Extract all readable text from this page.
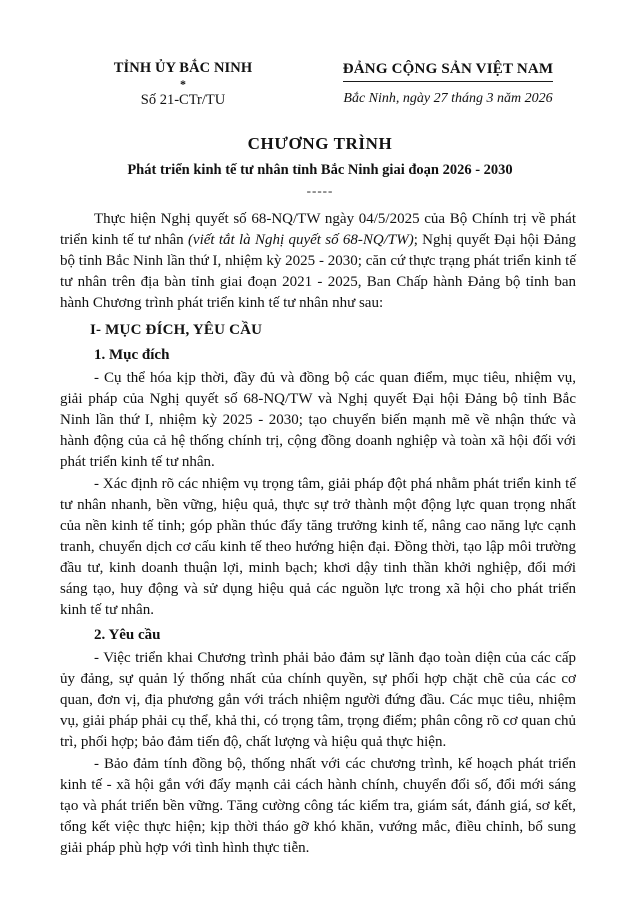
TỈNH ỦY BẮC NINH
*
Số 21-CTr/TU
ĐẢNG CỘNG SẢN VIỆT NAM
Bắc Ninh, ngày 27 tháng 3 năm 2026
CHƯƠNG TRÌNH
Phát triển kinh tế tư nhân tỉnh Bắc Ninh giai đoạn 2026 - 2030
-----

Thực hiện Nghị quyết số 68-NQ/TW ngày 04/5/2025 của Bộ Chính trị về phát triển kinh tế tư nhân (viết tắt là Nghị quyết số 68-NQ/TW); Nghị quyết Đại hội Đảng bộ tỉnh Bắc Ninh lần thứ I, nhiệm kỳ 2025 - 2030; căn cứ thực trạng phát triển kinh tế tư nhân trên địa bàn tỉnh giai đoạn 2021 - 2025, Ban Chấp hành Đảng bộ tỉnh ban hành Chương trình phát triển kinh tế tư nhân như sau:

I- MỤC ĐÍCH, YÊU CẦU
1. Mục đích

- Cụ thể hóa kịp thời, đầy đủ và đồng bộ các quan điểm, mục tiêu, nhiệm vụ, giải pháp của Nghị quyết số 68-NQ/TW và Nghị quyết Đại hội Đảng bộ tỉnh Bắc Ninh lần thứ I, nhiệm kỳ 2025 - 2030; tạo chuyển biến mạnh mẽ về nhận thức và hành động của cả hệ thống chính trị, cộng đồng doanh nghiệp và toàn xã hội đối với phát triển kinh tế tư nhân.

- Xác định rõ các nhiệm vụ trọng tâm, giải pháp đột phá nhằm phát triển kinh tế tư nhân nhanh, bền vững, hiệu quả, thực sự trở thành một động lực quan trọng nhất của nền kinh tế tỉnh; góp phần thúc đẩy tăng trưởng kinh tế, nâng cao năng lực cạnh tranh, chuyển dịch cơ cấu kinh tế theo hướng hiện đại. Đồng thời, tạo lập môi trường đầu tư, kinh doanh thuận lợi, minh bạch; khơi dậy tinh thần khởi nghiệp, đổi mới sáng tạo, huy động và sử dụng hiệu quả các nguồn lực trong xã hội cho phát triển kinh tế tư nhân.

2. Yêu cầu

- Việc triển khai Chương trình phải bảo đảm sự lãnh đạo toàn diện của các cấp ủy đảng, sự quản lý thống nhất của chính quyền, sự phối hợp chặt chẽ của các cơ quan, đơn vị, địa phương gắn với trách nhiệm người đứng đầu. Các mục tiêu, nhiệm vụ, giải pháp phải cụ thể, khả thi, có trọng tâm, trọng điểm; phân công rõ cơ quan chủ trì, phối hợp; bảo đảm tiến độ, chất lượng và hiệu quả thực hiện.

- Bảo đảm tính đồng bộ, thống nhất với các chương trình, kế hoạch phát triển kinh tế - xã hội gắn với đẩy mạnh cải cách hành chính, chuyển đổi số, đổi mới sáng tạo và phát triển bền vững. Tăng cường công tác kiểm tra, giám sát, đánh giá, sơ kết, tổng kết việc thực hiện; kịp thời tháo gỡ khó khăn, vướng mắc, điều chỉnh, bổ sung giải pháp phù hợp với tình hình thực tiễn.
